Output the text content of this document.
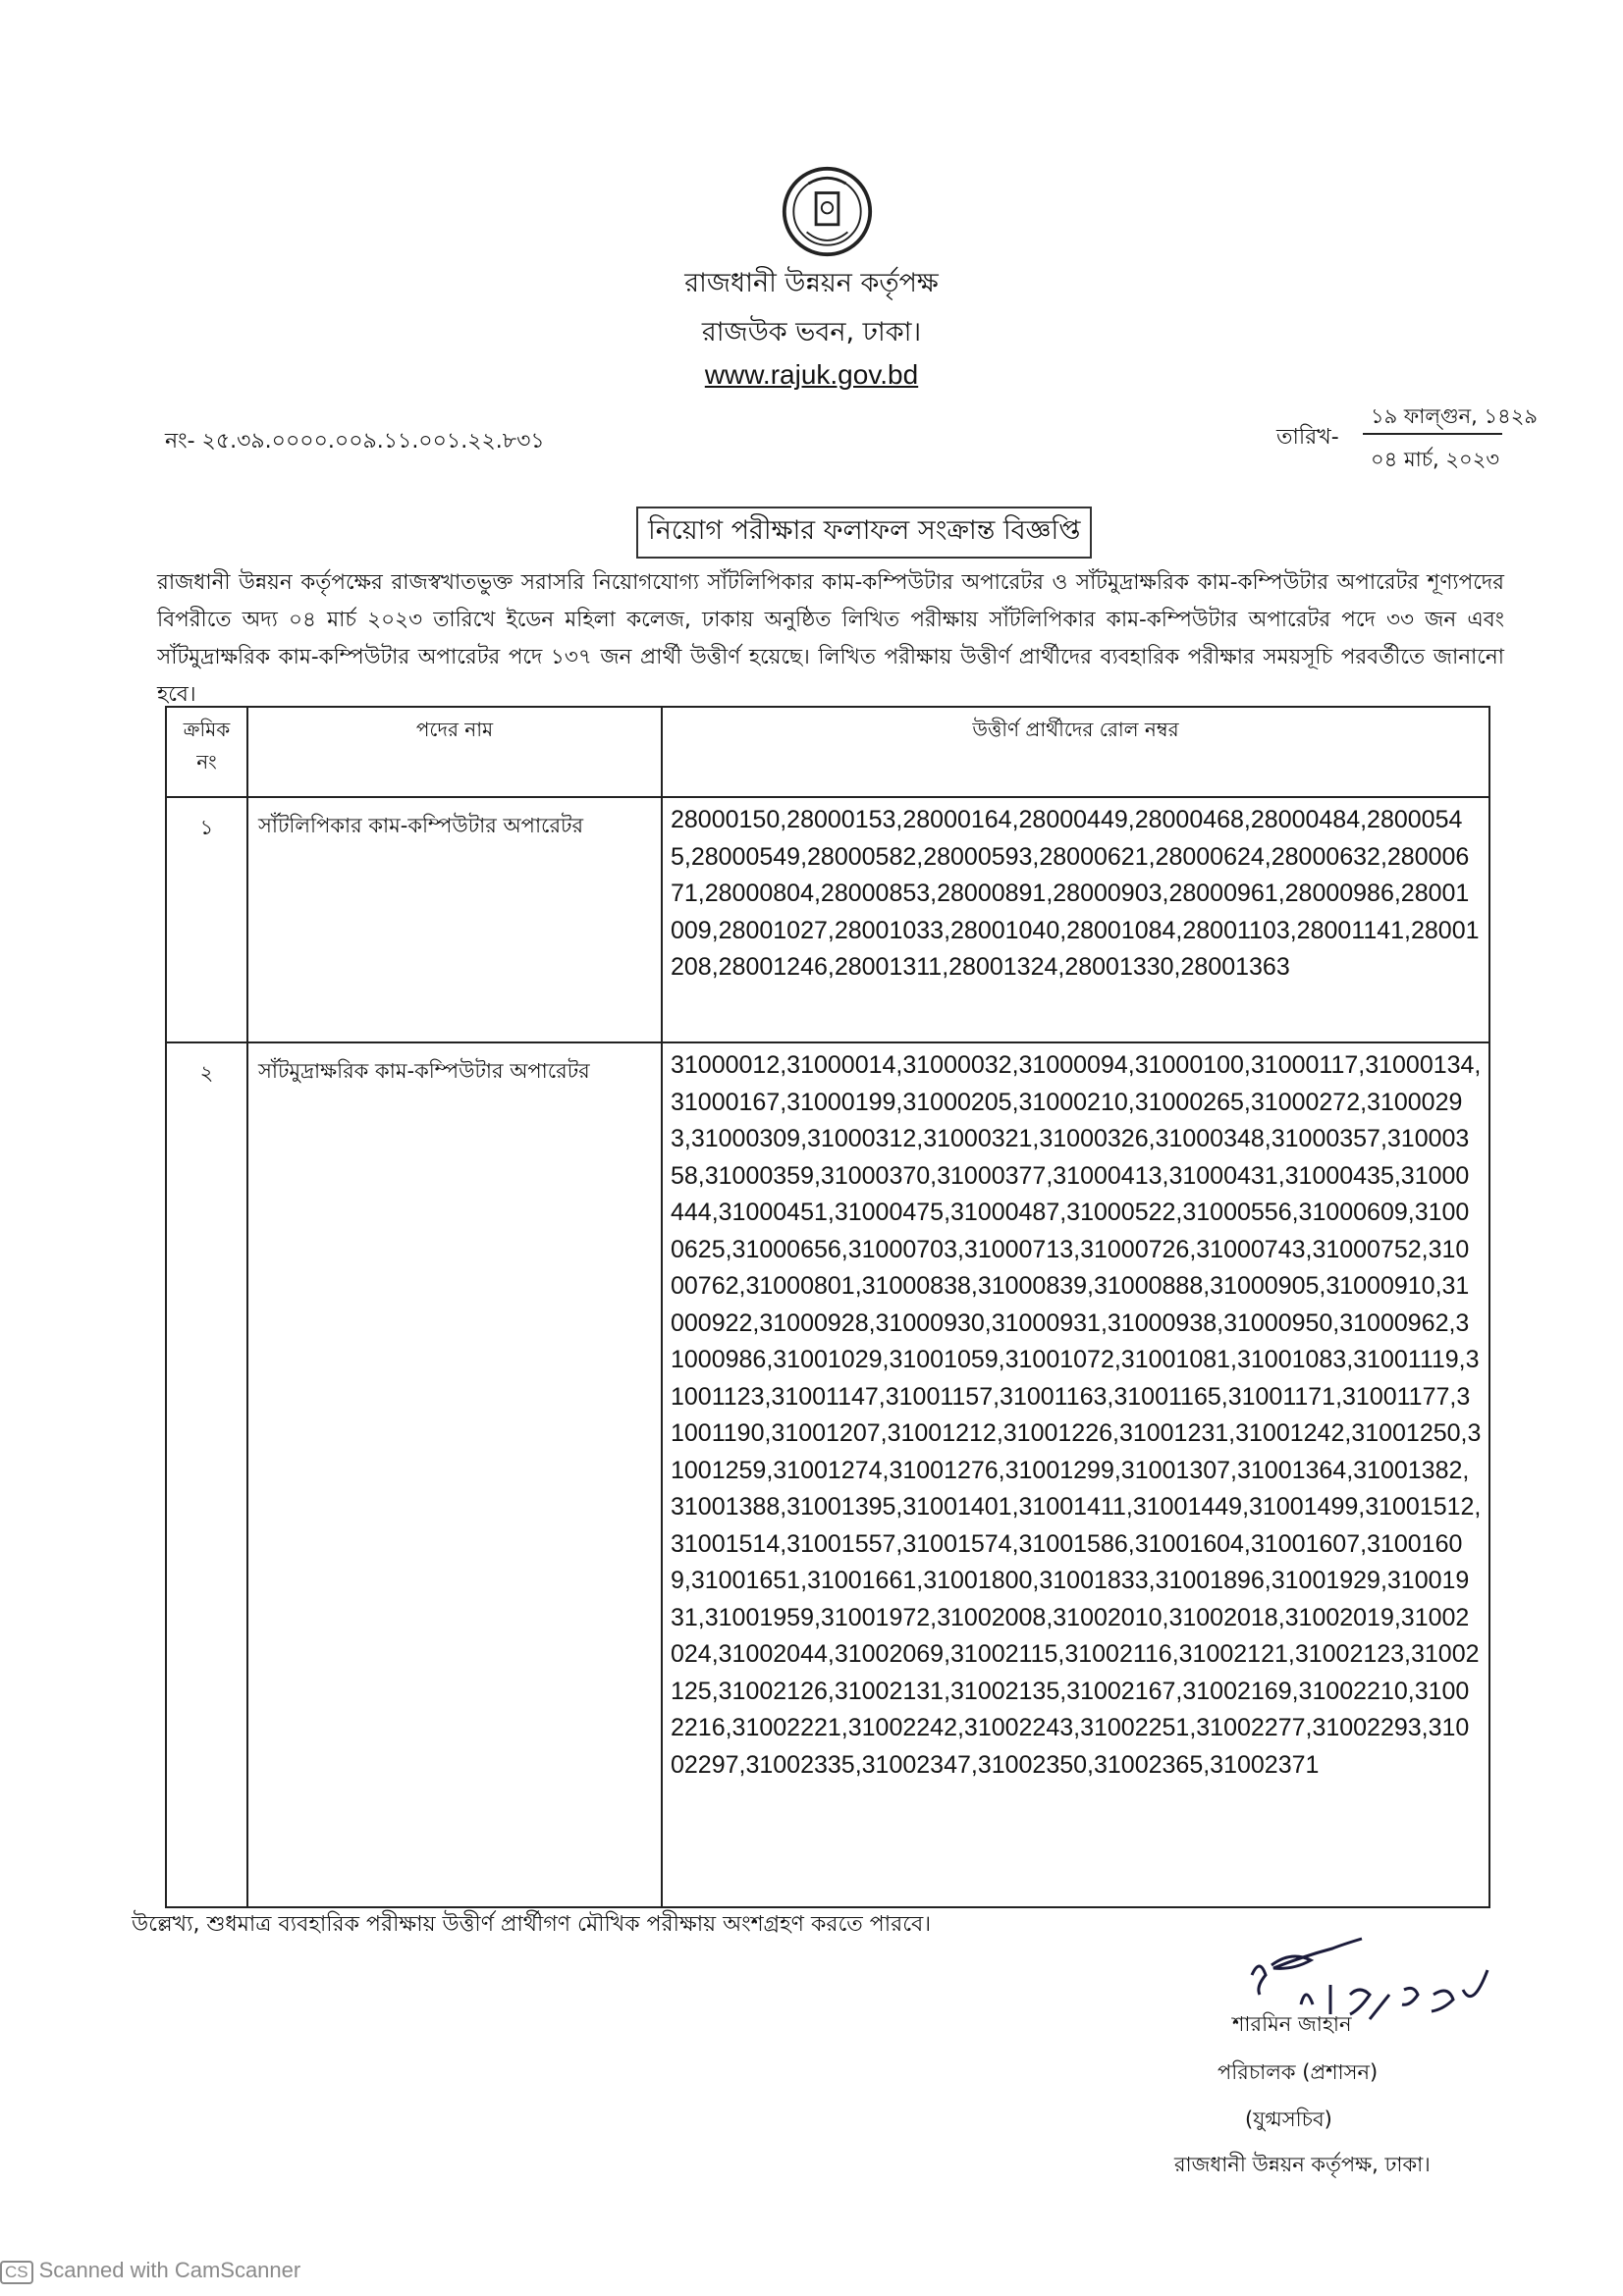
রাজধানী উন্নয়ন কর্তৃপক্ষ
রাজউক ভবন, ঢাকা।
www.rajuk.gov.bd
নং- ২৫.৩৯.০০০০.০০৯.১১.০০১.২২.৮৩১	তারিখ-
১৯ ফাল্গুন, ১৪২৯
০৪ মার্চ, ২০২৩
নিয়োগ পরীক্ষার ফলাফল সংক্রান্ত বিজ্ঞপ্তি
রাজধানী উন্নয়ন কর্তৃপক্ষের রাজস্বখাতভুক্ত সরাসরি নিয়োগযোগ্য সাঁটলিপিকার কাম-কম্পিউটার অপারেটর ও সাঁটমুদ্রাক্ষরিক কাম-কম্পিউটার অপারেটর শূণ্যপদের বিপরীতে অদ্য ০৪ মার্চ ২০২৩ তারিখে ইডেন মহিলা কলেজ, ঢাকায় অনুষ্ঠিত লিখিত পরীক্ষায় সাঁটলিপিকার কাম-কম্পিউটার অপারেটর পদে ৩৩ জন এবং সাঁটমুদ্রাক্ষরিক কাম-কম্পিউটার অপারেটর পদে ১৩৭ জন প্রার্থী উত্তীর্ণ হয়েছে। লিখিত পরীক্ষায় উত্তীর্ণ প্রার্থীদের ব্যবহারিক পরীক্ষার সময়সূচি পরবর্তীতে জানানো হবে।
ক্রমিক
নং	পদের নাম	উত্তীর্ণ প্রার্থীদের রোল নম্বর
১	সাঁটলিপিকার কাম-কম্পিউটার অপারেটর	28000150,28000153,28000164,28000449,28000468,28000484,28000545,28000549,28000582,28000593,28000621,28000624,28000632,28000671,28000804,28000853,28000891,28000903,28000961,28000986,28001009,28001027,28001033,28001040,28001084,28001103,28001141,28001208,28001246,28001311,28001324,28001330,28001363
২	সাঁটমুদ্রাক্ষরিক কাম-কম্পিউটার অপারেটর	31000012,31000014,31000032,31000094,31000100,31000117,31000134,31000167,31000199,31000205,31000210,31000265,31000272,31000293,31000309,31000312,31000321,31000326,31000348,31000357,31000358,31000359,31000370,31000377,31000413,31000431,31000435,31000444,31000451,31000475,31000487,31000522,31000556,31000609,31000625,31000656,31000703,31000713,31000726,31000743,31000752,31000762,31000801,31000838,31000839,31000888,31000905,31000910,31000922,31000928,31000930,31000931,31000938,31000950,31000962,31000986,31001029,31001059,31001072,31001081,31001083,31001119,31001123,31001147,31001157,31001163,31001165,31001171,31001177,31001190,31001207,31001212,31001226,31001231,31001242,31001250,31001259,31001274,31001276,31001299,31001307,31001364,31001382,31001388,31001395,31001401,31001411,31001449,31001499,31001512,31001514,31001557,31001574,31001586,31001604,31001607,31001609,31001651,31001661,31001800,31001833,31001896,31001929,31001931,31001959,31001972,31002008,31002010,31002018,31002019,31002024,31002044,31002069,31002115,31002116,31002121,31002123,31002125,31002126,31002131,31002135,31002167,31002169,31002210,31002216,31002221,31002242,31002243,31002251,31002277,31002293,31002297,31002335,31002347,31002350,31002365,31002371
উল্লেখ্য, শুধমাত্র ব্যবহারিক পরীক্ষায় উত্তীর্ণ প্রার্থীগণ মৌখিক পরীক্ষায় অংশগ্রহণ করতে পারবে।
শারমিন জাহান
পরিচালক (প্রশাসন)
(যুগ্মসচিব)
রাজধানী উন্নয়ন কর্তৃপক্ষ, ঢাকা।
CS Scanned with CamScanner
